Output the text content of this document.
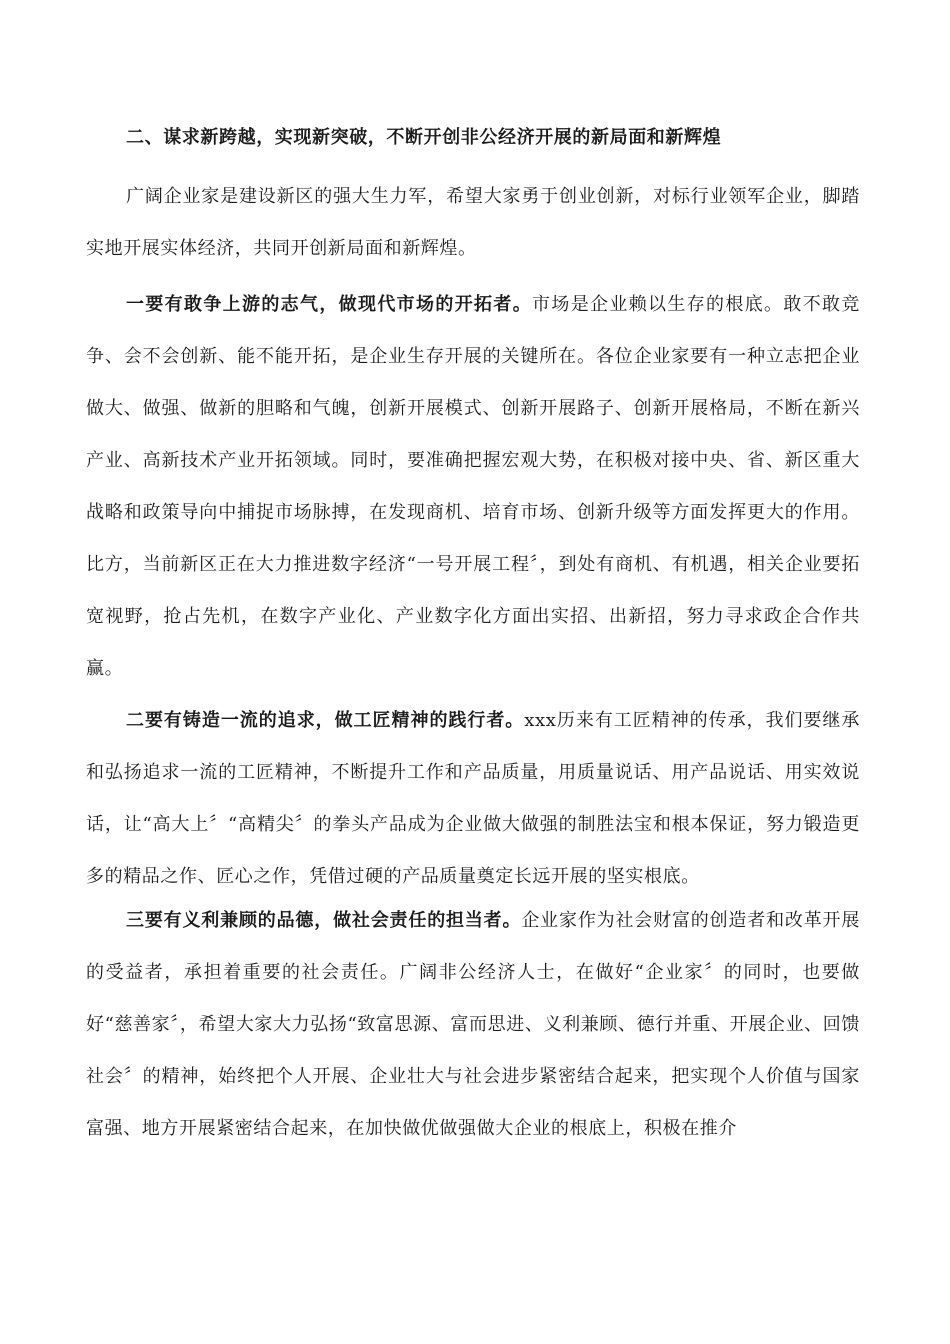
二、谋求新跨越，实现新突破，不断开创非公经济开展的新局面和新辉煌

广阔企业家是建设新区的强大生力军，希望大家勇于创业创新，对标行业领军企业，脚踏实地开展实体经济，共同开创新局面和新辉煌。

一要有敢争上游的志气，做现代市场的开拓者。市场是企业赖以生存的根底。敢不敢竞争、会不会创新、能不能开拓，是企业生存开展的关键所在。各位企业家要有一种立志把企业做大、做强、做新的胆略和气魄，创新开展模式、创新开展路子、创新开展格局，不断在新兴产业、高新技术产业开拓领域。同时，要准确把握宏观大势，在积极对接中央、省、新区重大战略和政策导向中捕捉市场脉搏，在发现商机、培育市场、创新升级等方面发挥更大的作用。比方，当前新区正在大力推进数字经济“一号开展工程〞，到处有商机、有机遇，相关企业要拓宽视野，抢占先机，在数字产业化、产业数字化方面出实招、出新招，努力寻求政企合作共赢。

二要有铸造一流的追求，做工匠精神的践行者。xxx历来有工匠精神的传承，我们要继承和弘扬追求一流的工匠精神，不断提升工作和产品质量，用质量说话、用产品说话、用实效说话，让“高大上〞“高精尖〞的拳头产品成为企业做大做强的制胜法宝和根本保证，努力锻造更多的精品之作、匠心之作，凭借过硬的产品质量奠定长远开展的坚实根底。

三要有义利兼顾的品德，做社会责任的担当者。企业家作为社会财富的创造者和改革开展的受益者，承担着重要的社会责任。广阔非公经济人士，在做好“企业家〞的同时，也要做好“慈善家〞，希望大家大力弘扬“致富思源、富而思进、义利兼顾、德行并重、开展企业、回馈社会〞的精神，始终把个人开展、企业壮大与社会进步紧密结合起来，把实现个人价值与国家富强、地方开展紧密结合起来，在加快做优做强做大企业的根底上，积极在推介
